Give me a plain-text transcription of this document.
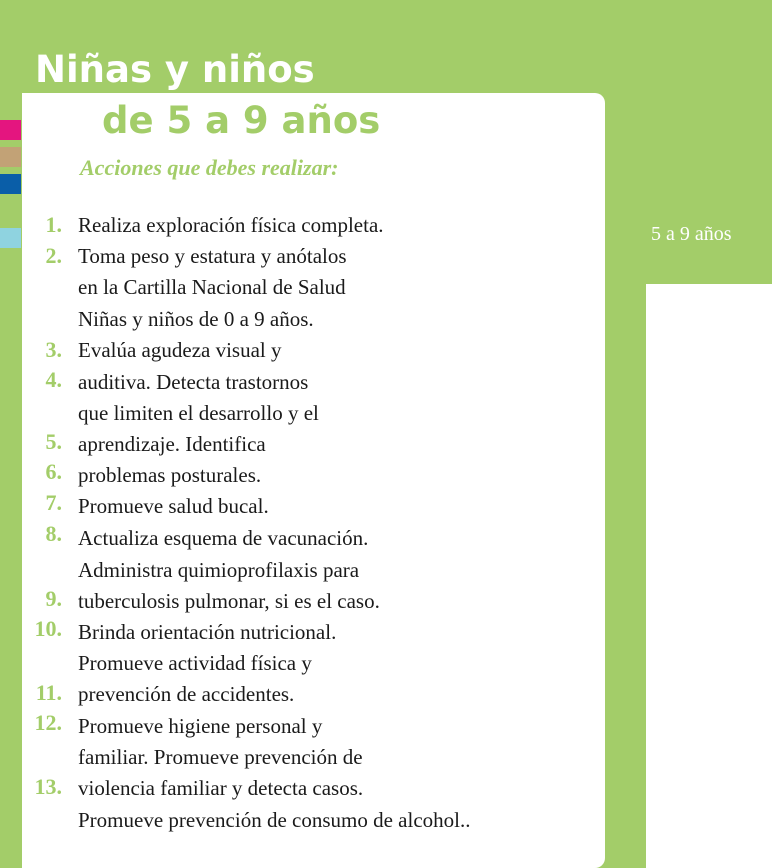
Niñas y niños
de 5 a 9 años
Acciones que debes realizar:
5 a 9 años
1.
2.
3.
4.
5.
6.
7.
8.
9.
10.
11.
12.
13.
Realiza exploración física completa.
Toma peso y estatura y anótalos
en la Cartilla Nacional de Salud
Niñas y niños de 0 a 9 años.
Evalúa agudeza visual y
auditiva. Detecta trastornos
que limiten el desarrollo y el
aprendizaje. Identifica
problemas posturales.
Promueve salud bucal.
Actualiza esquema de vacunación.
Administra quimioprofilaxis para
tuberculosis pulmonar, si es el caso.
Brinda orientación nutricional.
Promueve actividad física y
prevención de accidentes.
Promueve higiene personal y
familiar. Promueve prevención de
violencia familiar y detecta casos.
Promueve prevención de consumo de alcohol..
